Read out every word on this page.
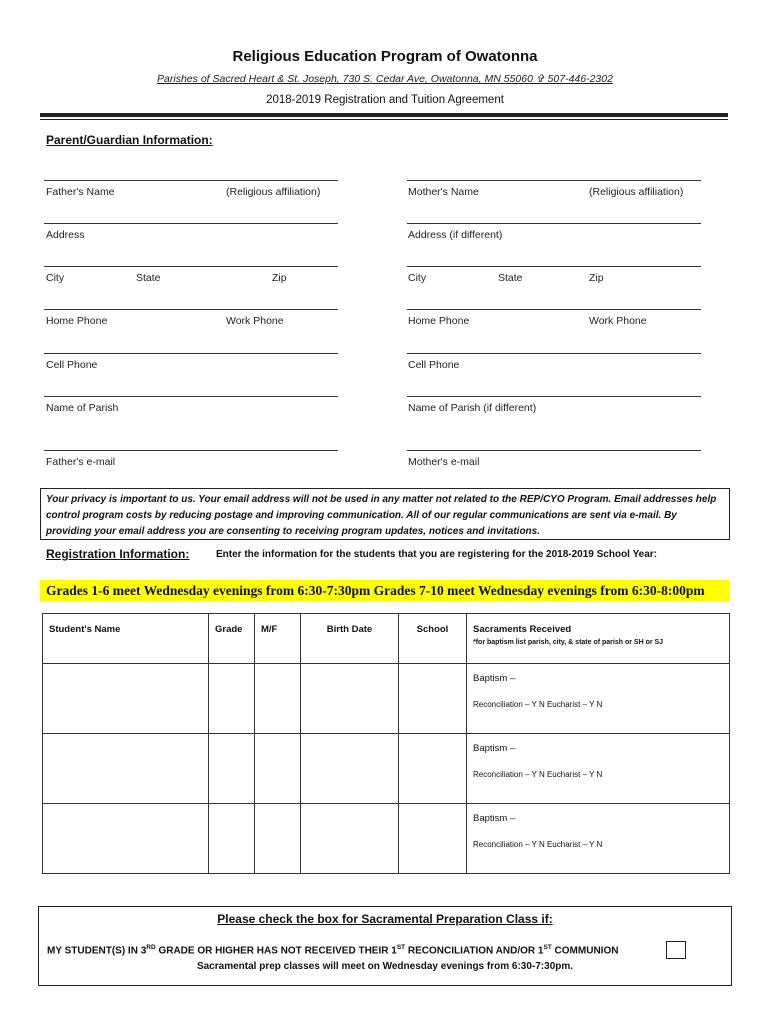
Religious Education Program of Owatonna
Parishes of Sacred Heart & St. Joseph, 730 S. Cedar Ave, Owatonna, MN 55060 ✞ 507-446-2302
2018-2019 Registration and Tuition Agreement
Parent/Guardian Information:
Father's Name	(Religious affiliation)
Address
City	State	Zip
Home Phone	Work Phone
Cell Phone
Name of Parish
Father's e-mail
Mother's Name	(Religious affiliation)
Address (if different)
City	State	Zip
Home Phone	Work Phone
Cell Phone
Name of Parish (if different)
Mother's e-mail
Your privacy is important to us. Your email address will not be used in any matter not related to the REP/CYO Program. Email addresses help control program costs by reducing postage and improving communication. All of our regular communications are sent via e-mail. By providing your email address you are consenting to receiving program updates, notices and invitations.
Registration Information:	Enter the information for the students that you are registering for the 2018-2019 School Year:
Grades 1-6 meet Wednesday evenings from 6:30-7:30pm Grades 7-10 meet Wednesday evenings from 6:30-8:00pm
Student's Name	Grade	M/F	Birth Date	School	Sacraments Received
*for baptism list parish, city, & state of parish or SH or SJ

					Baptism –
Reconciliation – Y N Eucharist – Y N

					Baptism –
Reconciliation – Y N Eucharist – Y N

					Baptism –
Reconciliation – Y N Eucharist – Y N
Please check the box for Sacramental Preparation Class if:
MY STUDENT(S) IN 3RD GRADE OR HIGHER HAS NOT RECEIVED THEIR 1ST RECONCILIATION AND/OR 1ST COMMUNION
Sacramental prep classes will meet on Wednesday evenings from 6:30-7:30pm.
